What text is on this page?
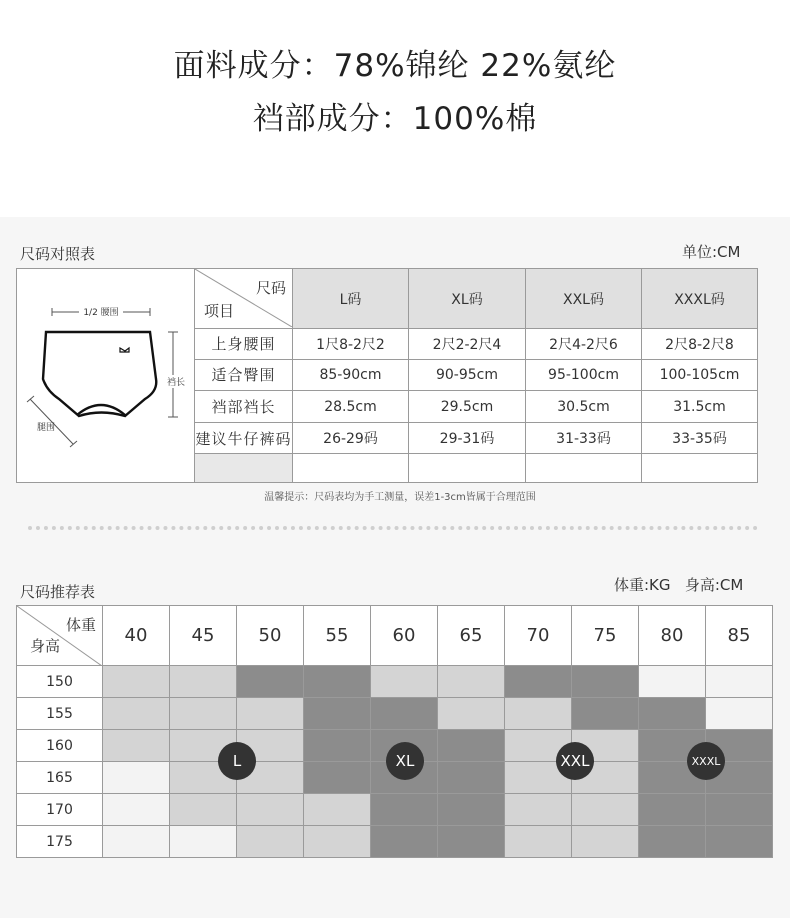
面料成分：78%锦纶 22%氨纶
裆部成分：100%棉
尺码对照表	单位:CM
1/2 腰围
裆长
腿围	尺码
项目	L码	XL码	XXL码	XXXL码
	上身腰围	1尺8-2尺2	2尺2-2尺4	2尺4-2尺6	2尺8-2尺8
	适合臀围	85-90cm	90-95cm	95-100cm	100-105cm
	裆部裆长	28.5cm	29.5cm	30.5cm	31.5cm
	建议牛仔裤码	26-29码	29-31码	31-33码	33-35码

温馨提示：尺码表均为手工测量，误差1-3cm皆属于合理范围
尺码推荐表	体重:KG   身高:CM
体重
身高	40	45	50	55	60	65	70	75	80	85
150										
155										
160										
165										
170										
175										
L	XL	XXL	XXXL
